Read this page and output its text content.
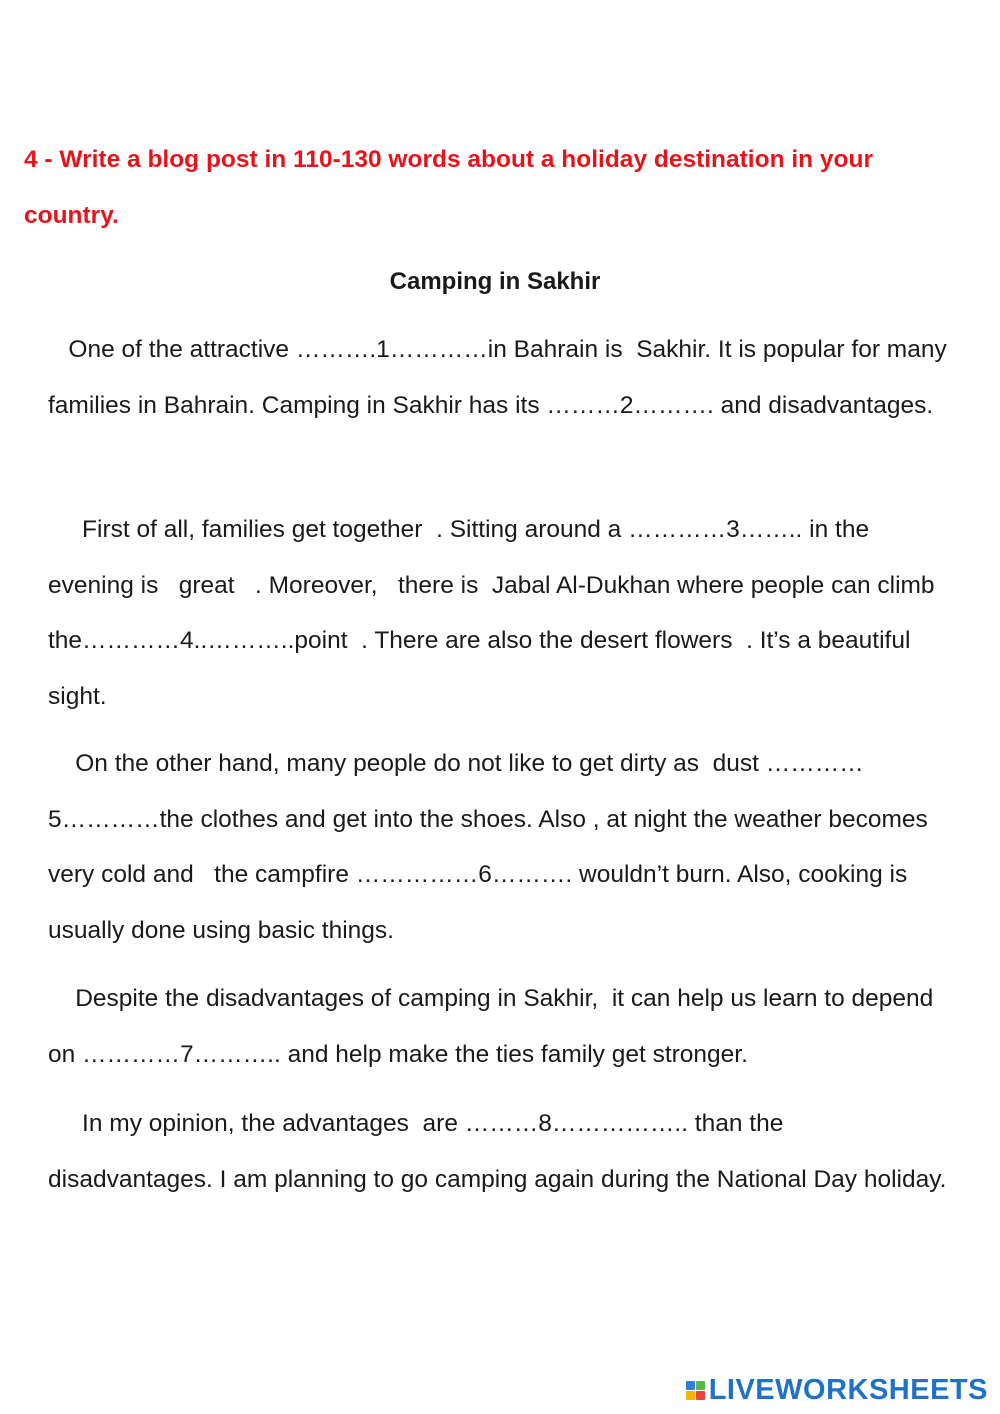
4 - Write a blog post in 110-130 words about a holiday destination in your country.

Camping in Sakhir

One of the attractive ……….1…………in Bahrain is  Sakhir. It is popular for many families in Bahrain. Camping in Sakhir has its ………2………. and disadvantages.

First of all, families get together  . Sitting around a …………3…….. in the evening is   great   . Moreover,   there is  Jabal Al-Dukhan where people can climb the…………4..………..point  . There are also the desert flowers  . It’s a beautiful sight.

On the other hand, many people do not like to get dirty as  dust …………5…………the clothes and get into the shoes. Also , at night the weather becomes very cold and   the campfire ……………6………. wouldn’t burn. Also, cooking is usually done using basic things.

Despite the disadvantages of camping in Sakhir,  it can help us learn to depend on …………7……….. and help make the ties family get stronger.

In my opinion, the advantages  are ………8…………….. than the disadvantages. I am planning to go camping again during the National Day holiday.

LIVEWORKSHEETS
